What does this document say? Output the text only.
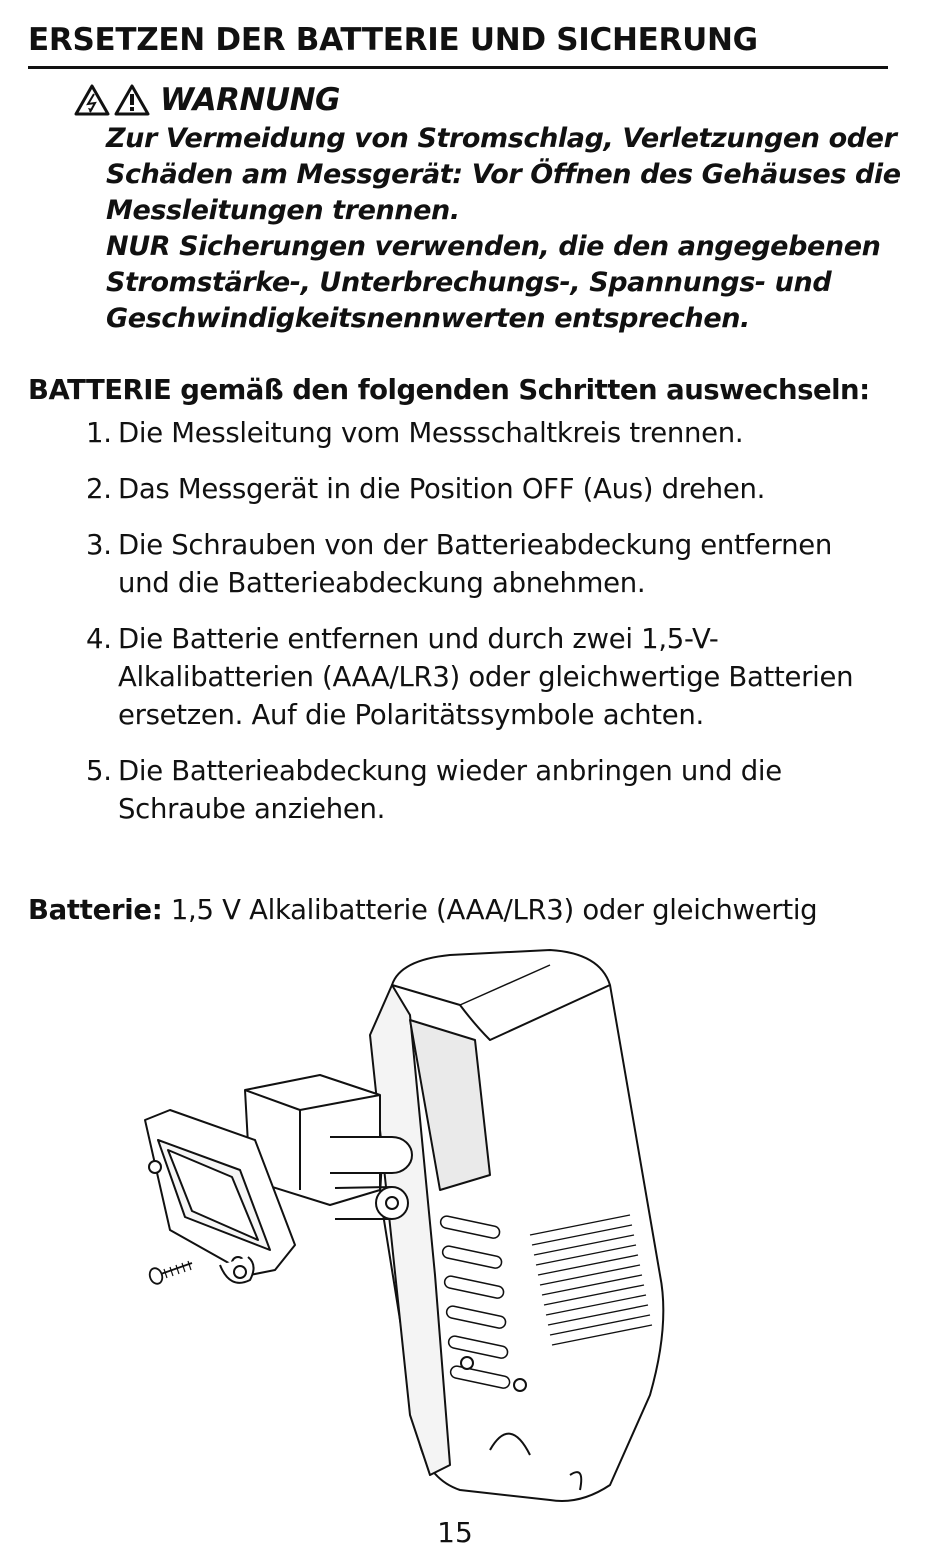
ERSETZEN DER BATTERIE UND SICHERUNG
WARNUNG

Zur Vermeidung von Stromschlag, Verletzungen oder Schäden am Messgerät: Vor Öffnen des Gehäuses die Messleitungen trennen.

NUR Sicherungen verwenden, die den angegebenen Stromstärke-, Unterbrechungs-, Spannungs- und Geschwindigkeitsnennwerten entsprechen.

BATTERIE gemäß den folgenden Schritten auswechseln:
1. Die Messleitung vom Messschaltkreis trennen.
2. Das Messgerät in die Position OFF (Aus) drehen.
3. Die Schrauben von der Batterieabdeckung entfernen und die Batterieabdeckung abnehmen.
4. Die Batterie entfernen und durch zwei 1,5-V-Alkalibatterien (AAA/LR3) oder gleichwertige Batterien ersetzen. Auf die Polaritätssymbole achten.
5. Die Batterieabdeckung wieder anbringen und die Schraube anziehen.
Batterie: 1,5 V Alkalibatterie (AAA/LR3) oder gleichwertig
15
